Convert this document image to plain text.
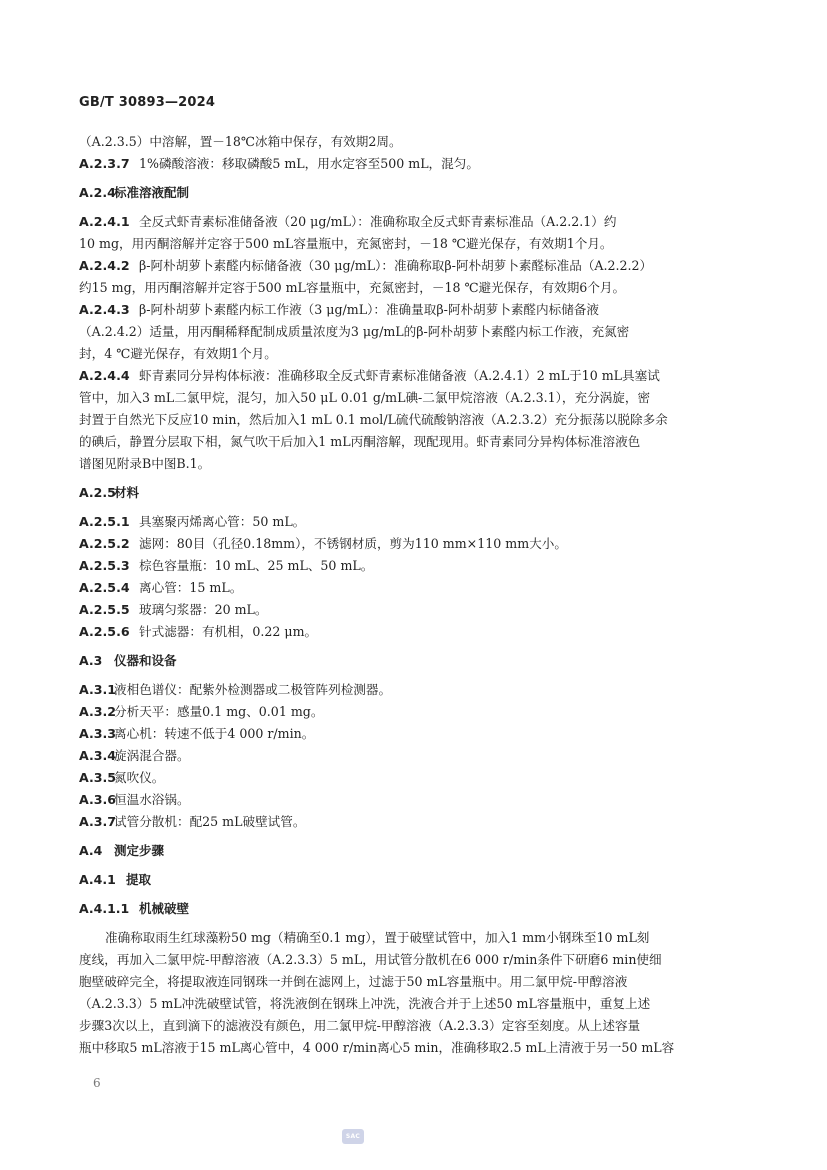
GB/T 30893—2024
（A.2.3.5）中溶解，置－18℃冰箱中保存，有效期2周。
A.2.3.7 1%磷酸溶液：移取磷酸5 mL，用水定容至500 mL，混匀。
A.2.4标准溶液配制
A.2.4.1 全反式虾青素标准储备液（20 μg/mL）：准确称取全反式虾青素标准品（A.2.2.1）约
10 mg，用丙酮溶解并定容于500 mL容量瓶中，充氮密封，－18 ℃避光保存，有效期1个月。
A.2.4.2 β-阿朴胡萝卜素醛内标储备液（30 μg/mL）：准确称取β-阿朴胡萝卜素醛标准品（A.2.2.2）
约15 mg，用丙酮溶解并定容于500 mL容量瓶中，充氮密封，－18 ℃避光保存，有效期6个月。
A.2.4.3 β-阿朴胡萝卜素醛内标工作液（3 μg/mL）：准确量取β-阿朴胡萝卜素醛内标储备液
（A.2.4.2）适量，用丙酮稀释配制成质量浓度为3 μg/mL的β-阿朴胡萝卜素醛内标工作液，充氮密
封，4 ℃避光保存，有效期1个月。
A.2.4.4 虾青素同分异构体标液：准确移取全反式虾青素标准储备液（A.2.4.1）2 mL于10 mL具塞试
管中，加入3 mL二氯甲烷，混匀，加入50 μL 0.01 g/mL碘-二氯甲烷溶液（A.2.3.1），充分涡旋，密
封置于自然光下反应10 min，然后加入1 mL 0.1 mol/L硫代硫酸钠溶液（A.2.3.2）充分振荡以脱除多余
的碘后，静置分层取下相，氮气吹干后加入1 mL丙酮溶解，现配现用。虾青素同分异构体标准溶液色
谱图见附录B中图B.1。
A.2.5材料
A.2.5.1 具塞聚丙烯离心管：50 mL。
A.2.5.2 滤网：80目（孔径0.18mm），不锈钢材质，剪为110 mm×110 mm大小。
A.2.5.3 棕色容量瓶：10 mL、25 mL、50 mL。
A.2.5.4 离心管：15 mL。
A.2.5.5 玻璃匀浆器：20 mL。
A.2.5.6 针式滤器：有机相，0.22 μm。
A.3 仪器和设备
A.3.1液相色谱仪：配紫外检测器或二极管阵列检测器。
A.3.2分析天平：感量0.1 mg、0.01 mg。
A.3.3离心机：转速不低于4 000 r/min。
A.3.4旋涡混合器。
A.3.5氮吹仪。
A.3.6恒温水浴锅。
A.3.7试管分散机：配25 mL破壁试管。
A.4 测定步骤
A.4.1 提取
A.4.1.1 机械破壁
准确称取雨生红球藻粉50 mg（精确至0.1 mg），置于破壁试管中，加入1 mm小钢珠至10 mL刻
度线，再加入二氯甲烷-甲醇溶液（A.2.3.3）5 mL，用试管分散机在6 000 r/min条件下研磨6 min使细
胞壁破碎完全，将提取液连同钢珠一并倒在滤网上，过滤于50 mL容量瓶中。用二氯甲烷-甲醇溶液
（A.2.3.3）5 mL冲洗破壁试管，将洗液倒在钢珠上冲洗，洗液合并于上述50 mL容量瓶中，重复上述
步骤3次以上，直到滴下的滤液没有颜色，用二氯甲烷-甲醇溶液（A.2.3.3）定容至刻度。从上述容量
瓶中移取5 mL溶液于15 mL离心管中，4 000 r/min离心5 min，准确移取2.5 mL上清液于另一50 mL容
6
SAC
